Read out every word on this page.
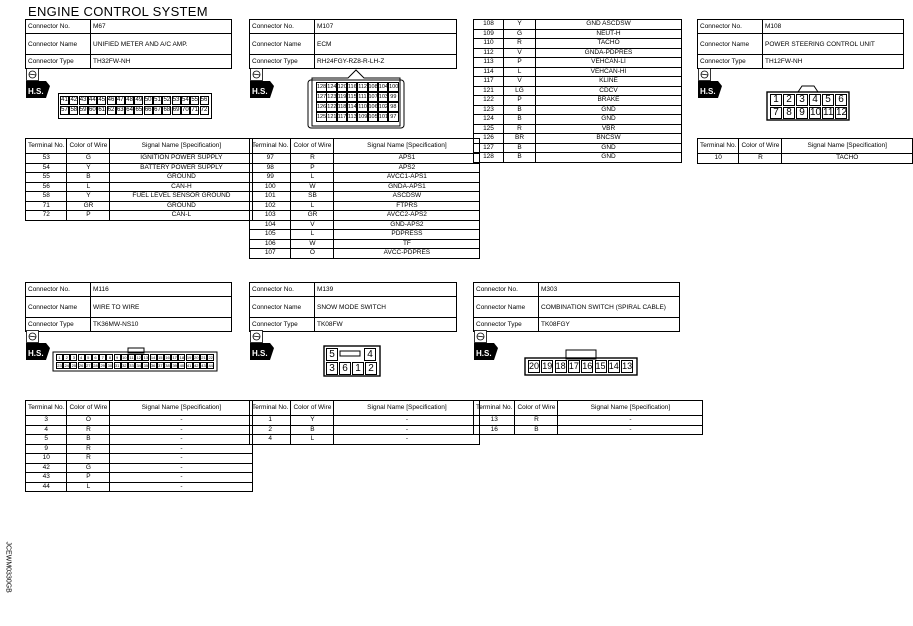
ENGINE CONTROL SYSTEM
JCEWM0330GB
Connector No.	M67
Connector Name	UNIFIED METER AND A/C AMP.
Connector Type	TH32FW-NH
H.S.
41 42 43 44 45 46 47 48 49 50 51 52 53 54 55 56
57 58 59 60 61 62 63 64 65 66 67 68 69 70 71 72
Terminal No.	Color of Wire	Signal Name [Specification]
53	G	IGNITION POWER SUPPLY
54	Y	BATTERY POWER SUPPLY
55	B	GROUND
56	L	CAN-H
58	Y	FUEL LEVEL SENSOR GROUND
71	GR	GROUND
72	P	CAN-L
Connector No.	M107
Connector Name	ECM
Connector Type	RH24FGY-RZ8-R-LH-Z
H.S.	128 124 120 116 112 108 104 100
127 123 119 115 111 107 103 99
126 122 118 114 110 106 102 98
125 121 117 113 109 105 101 97
Terminal No.	Color of Wire	Signal Name [Specification]
97	R	APS1
98	P	APS2
99	L	AVCC1-APS1
100	W	GNDA-APS1
101	SB	ASCDSW
102	L	FTPRS
103	GR	AVCC2-APS2
104	V	GND-APS2
105	L	PDPRESS
106	W	TF
107	O	AVCC-PDPRES
108	Y	GND ASCDSW
109	G	NEUT-H
110	R	TACHO
112	V	GNDA-PDPRES
113	P	VEHCAN-LI
114	L	VEHCAN-HI
117	V	KLINE
121	LG	CDCV
122	P	BRAKE
123	B	GND
124	B	GND
125	R	VBR
126	BR	BNCSW
127	B	GND
128	B	GND
Connector No.	M108
Connector Name	POWER STEERING CONTROL UNIT
Connector Type	TH12FW-NH
H.S.
1 2 3 4 5 6
7 8 9 10 11 12
Terminal No.	Color of Wire	Signal Name [Specification]
10	R	TACHO
Connector No.	M116
Connector Name	WIRE TO WIRE
Connector Type	TK36MW-NS10
H.S.	1	2	3	4	5	6	7	8	9 10 11 12 13 14 15 16 17 18 19 20 21 22
23 24 25 26 27 28 29 30 31 32 33 34 35 36 37 38 39 40 41 42 43 44
Terminal No.	Color of Wire	Signal Name [Specification]
3	O	-
4	R	-
5	B	-
9	R	-
10	R	-
42	G	-
43	P	-
44	L	-
Connector No.	M139
Connector Name	SNOW MODE SWITCH
Connector Type	TK08FW
H.S.	5	4
3 6 1 2
Terminal No.	Color of Wire	Signal Name [Specification]
1	Y	-
2	B	-
4	L	-
Connector No.	M303
Connector Name	COMBINATION SWITCH (SPIRAL CABLE)
Connector Type	TK08FGY
H.S.
20 19 18 17 16 15 14 13
Terminal No.	Color of Wire	Signal Name [Specification]
13	R	-
16	B	-
